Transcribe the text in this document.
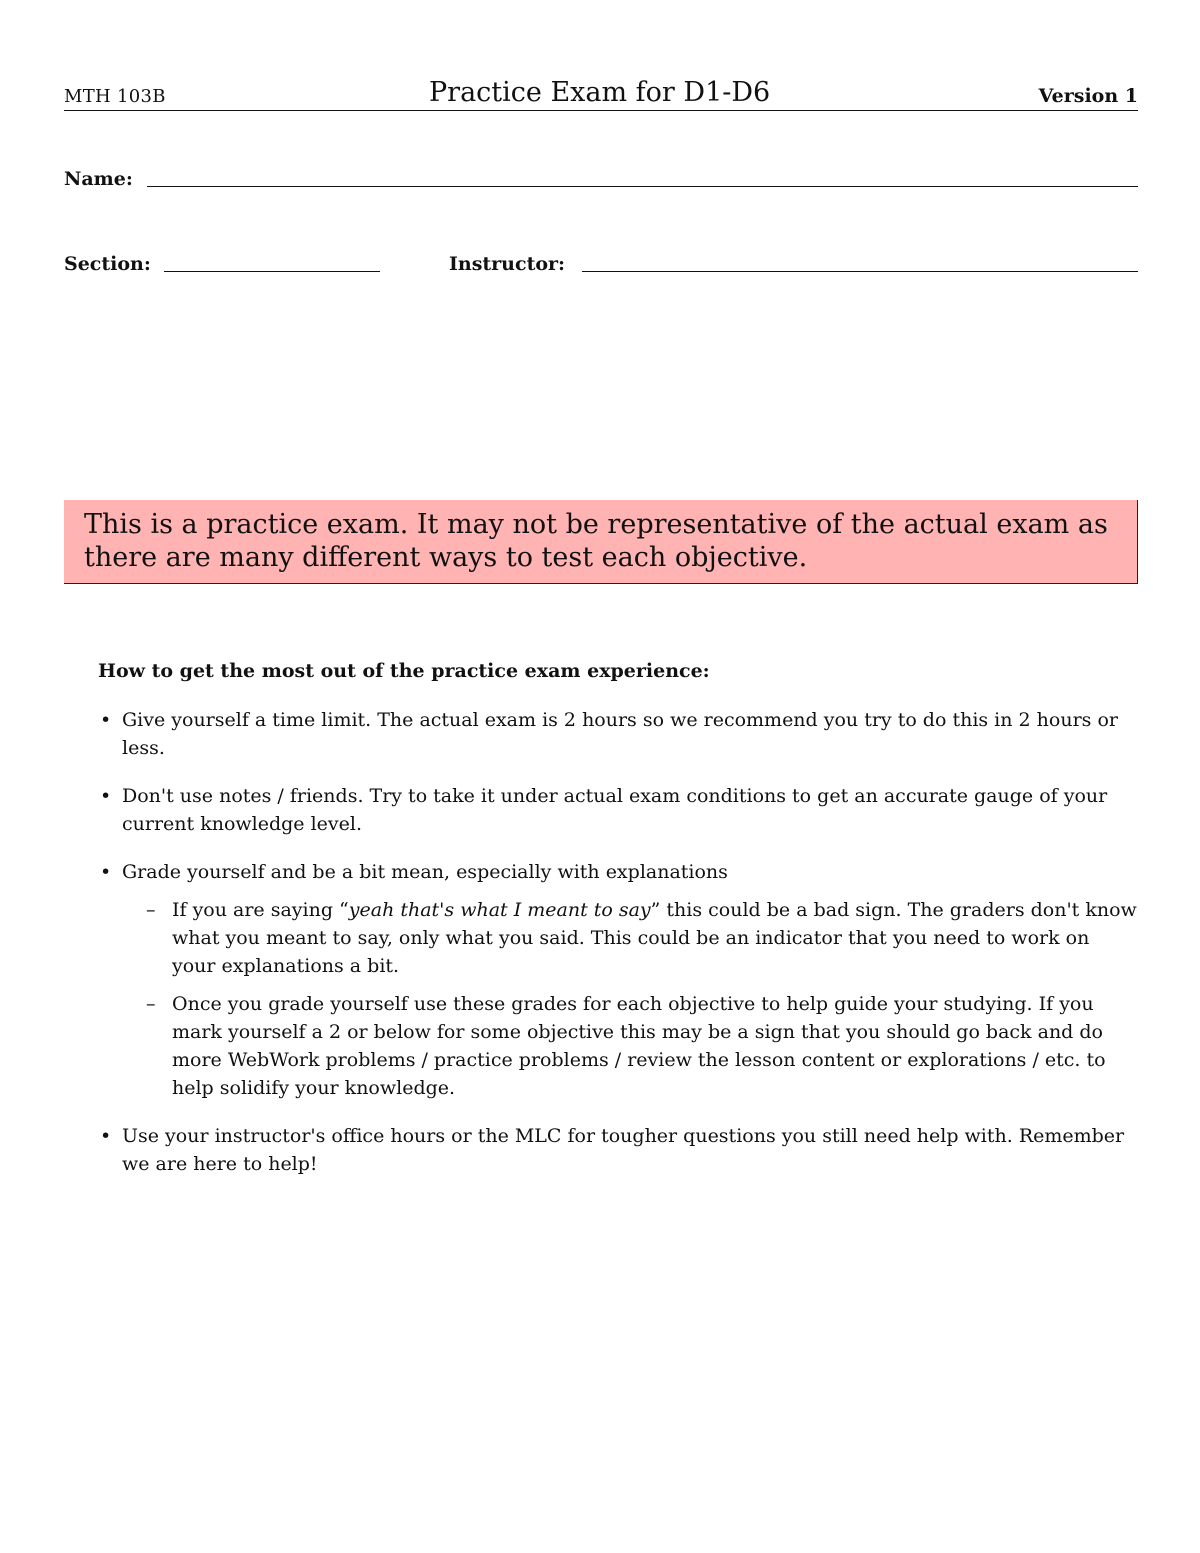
MTH 103B	Practice Exam for D1-D6	Version 1
Name:
Section:	Instructor:
This is a practice exam. It may not be representative of the actual exam as there are many different ways to test each objective.
How to get the most out of the practice exam experience:
• Give yourself a time limit. The actual exam is 2 hours so we recommend you try to do this in 2 hours or less.
• Don't use notes / friends. Try to take it under actual exam conditions to get an accurate gauge of your current knowledge level.
• Grade yourself and be a bit mean, especially with explanations
– If you are saying “yeah that's what I meant to say” this could be a bad sign. The graders don't know what you meant to say, only what you said. This could be an indicator that you need to work on your explanations a bit.
– Once you grade yourself use these grades for each objective to help guide your studying. If you mark yourself a 2 or below for some objective this may be a sign that you should go back and do more WebWork problems / practice problems / review the lesson content or explorations / etc. to help solidify your knowledge.
• Use your instructor's office hours or the MLC for tougher questions you still need help with. Remember we are here to help!
